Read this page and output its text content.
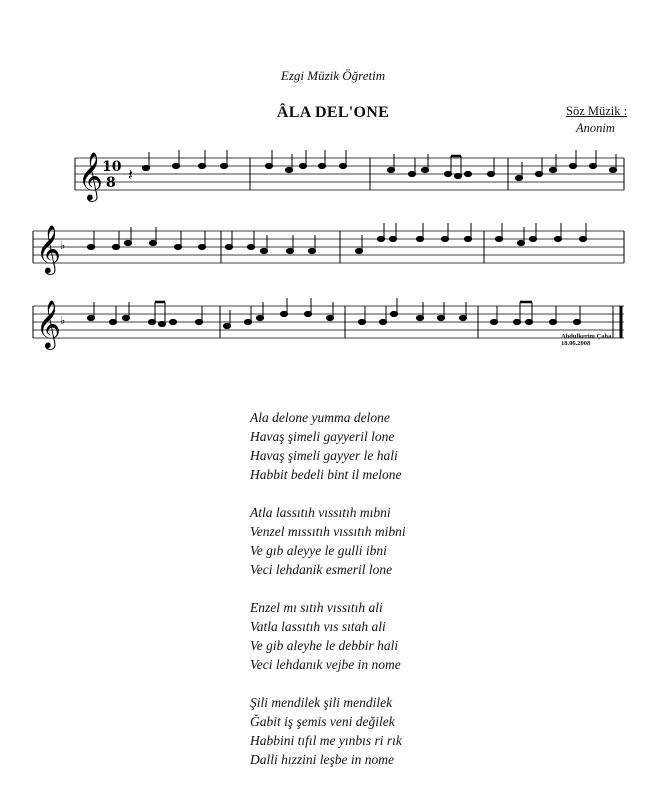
Ezgi Müzik Öğretim
ÂLA DEL'ONE	Söz Müzik :
Anonim
𝄞
𝄞
𝄞
10
8
♭
♭
𝄽
Abdulkerim Çaha
18.06.2008
Ala delone yumma delone
Havaş şimeli gayyeril lone
Havaş şimeli gayyer le hali
Habbit bedeli bint il melone
Atla lassıtıh vıssıtıh mıbni
Venzel mıssıtıh vıssıtıh mibni
Ve gıb aleyye le gulli ibni
Veci lehdanik esmeril lone
Enzel mı sıtıh vıssıtıh ali
Vatla lassıtıh vıs sıtah ali
Ve gib aleyhe le debbir hali
Veci lehdanık vejbe in nome
Şili mendilek şili mendilek
Ğabit iş şemis veni değilek
Habbini tıfıl me yınbıs ri rık
Dalli hızzini leşbe in nome
